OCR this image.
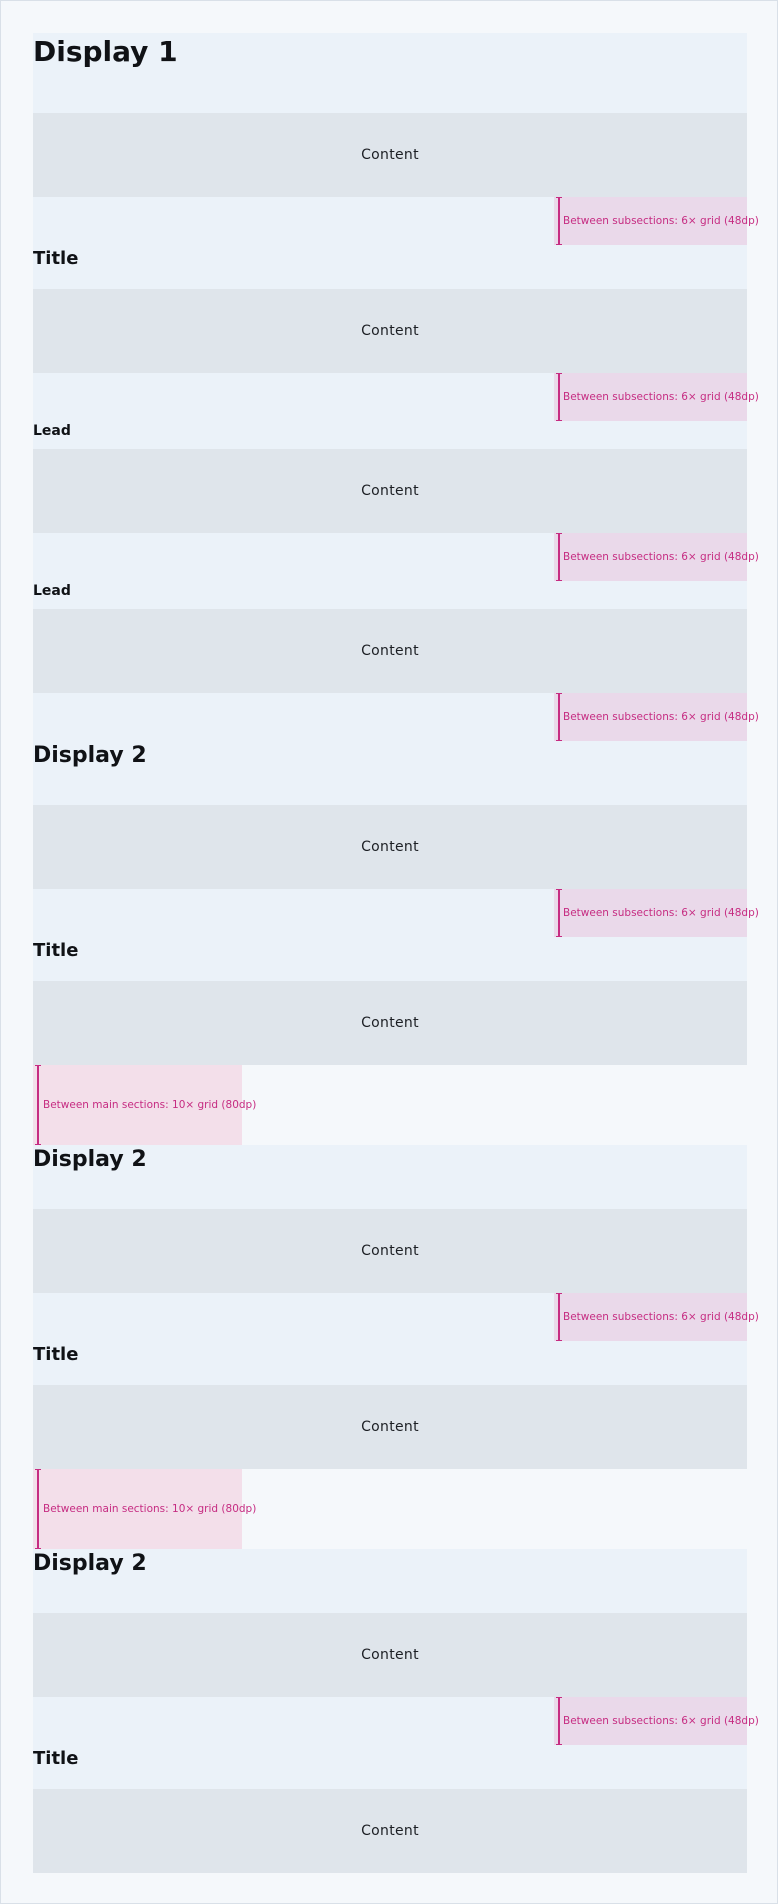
Display 1
Content
Between subsections: 6× grid (48dp)
Title
Content
Between subsections: 6× grid (48dp)
Lead
Content
Between subsections: 6× grid (48dp)
Lead
Content
Between subsections: 6× grid (48dp)
Display 2
Content
Between subsections: 6× grid (48dp)
Title
Content
Between main sections: 10× grid (80dp)
Display 2
Content
Between subsections: 6× grid (48dp)
Title
Content
Between main sections: 10× grid (80dp)
Display 2
Content
Between subsections: 6× grid (48dp)
Title
Content
